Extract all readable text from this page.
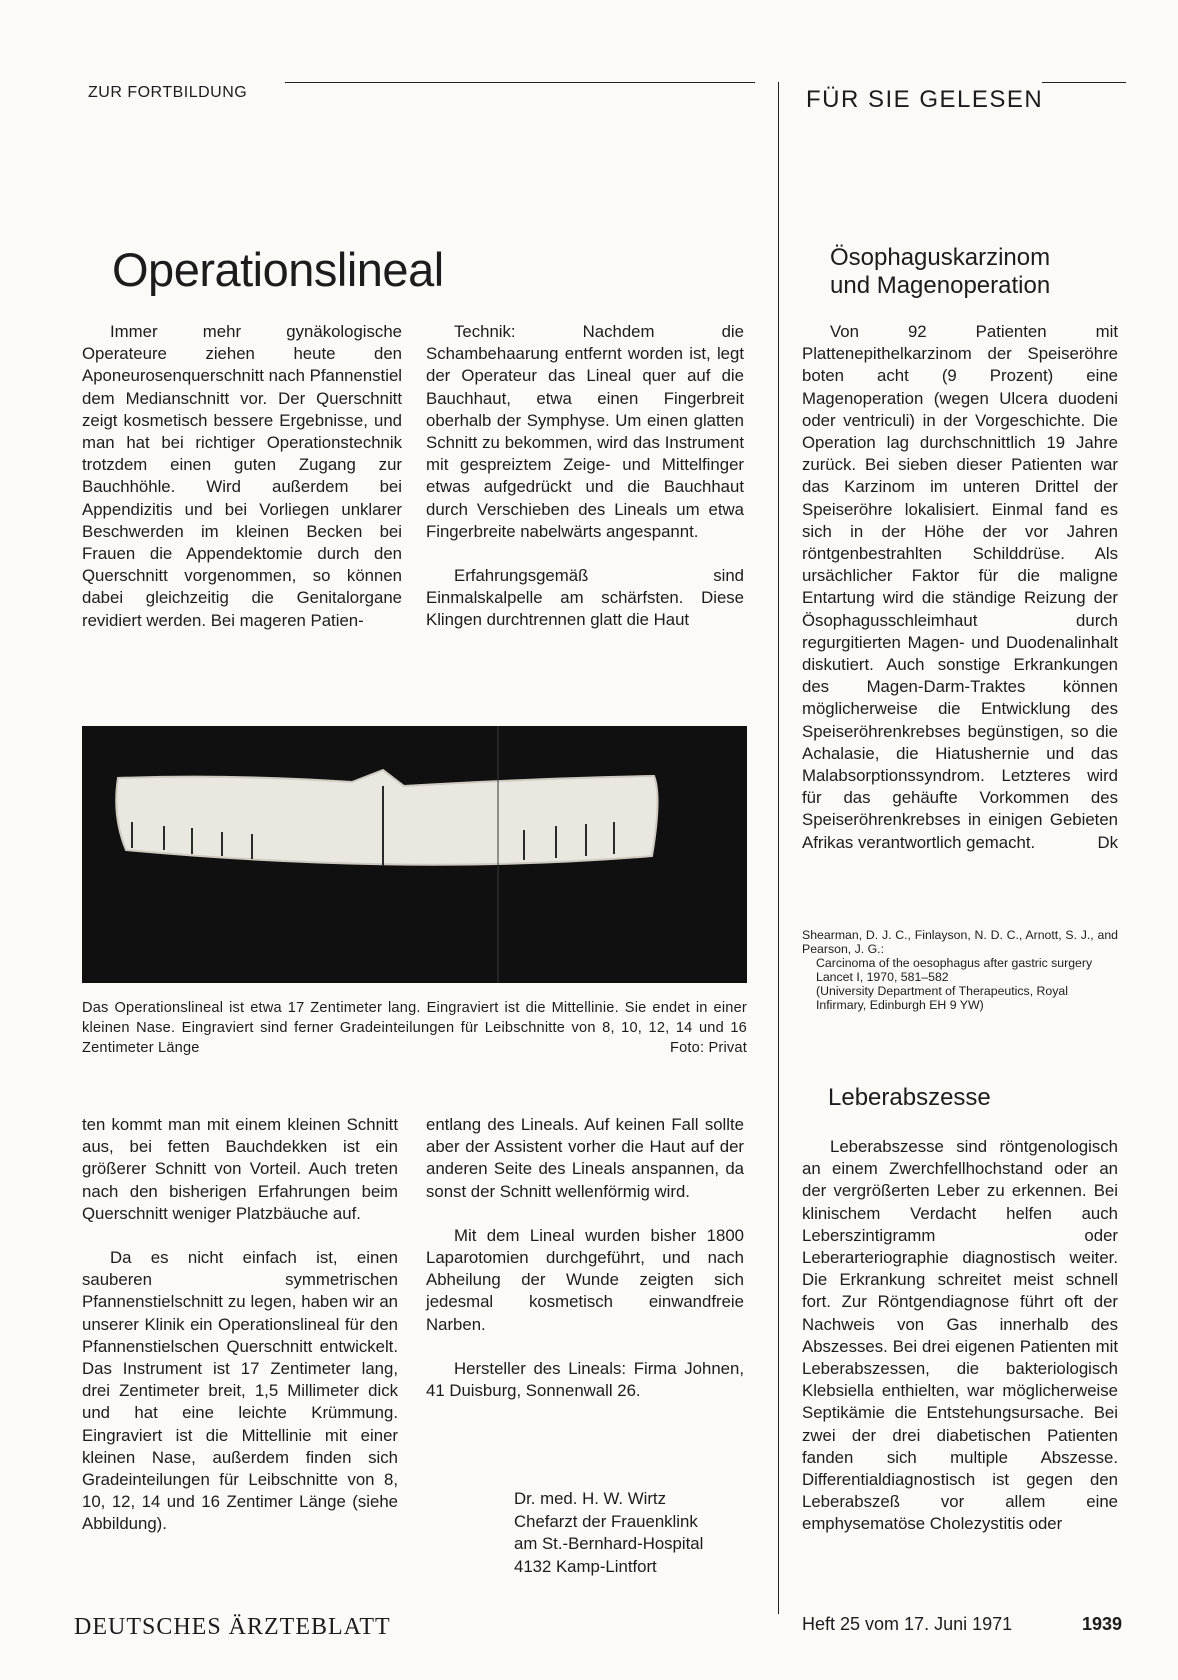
ZUR FORTBILDUNG	FÜR SIE GELESEN
Operationslineal

Immer mehr gynäkologische Operateure ziehen heute den Aponeurosenquerschnitt nach Pfannenstiel dem Medianschnitt vor. Der Querschnitt zeigt kosmetisch bessere Ergebnisse, und man hat bei richtiger Operationstechnik trotzdem einen guten Zugang zur Bauchhöhle. Wird außerdem bei Appendizitis und bei Vorliegen unklarer Beschwerden im kleinen Becken bei Frauen die Appendektomie durch den Querschnitt vorgenommen, so können dabei gleichzeitig die Genitalorgane revidiert werden. Bei mageren Patien-

Technik: Nachdem die Schambehaarung entfernt worden ist, legt der Operateur das Lineal quer auf die Bauchhaut, etwa einen Fingerbreit oberhalb der Symphyse. Um einen glatten Schnitt zu bekommen, wird das Instrument mit gespreiztem Zeige- und Mittelfinger etwas aufgedrückt und die Bauchhaut durch Verschieben des Lineals um etwa Fingerbreite nabelwärts angespannt.

Erfahrungsgemäß sind Einmalskalpelle am schärfsten. Diese Klingen durchtrennen glatt die Haut

Das Operationslineal ist etwa 17 Zentimeter lang. Eingraviert ist die Mittellinie. Sie endet in einer kleinen Nase. Eingraviert sind ferner Gradeinteilungen für Leibschnitte von 8, 10, 12, 14 und 16 Zentimeter Länge	Foto: Privat

ten kommt man mit einem kleinen Schnitt aus, bei fetten Bauchdekken ist ein größerer Schnitt von Vorteil. Auch treten nach den bisherigen Erfahrungen beim Querschnitt weniger Platzbäuche auf.

Da es nicht einfach ist, einen sauberen symmetrischen Pfannenstielschnitt zu legen, haben wir an unserer Klinik ein Operationslineal für den Pfannenstielschen Querschnitt entwickelt. Das Instrument ist 17 Zentimeter lang, drei Zentimeter breit, 1,5 Millimeter dick und hat eine leichte Krümmung. Eingraviert ist die Mittellinie mit einer kleinen Nase, außerdem finden sich Gradeinteilungen für Leibschnitte von 8, 10, 12, 14 und 16 Zentimer Länge (siehe Abbildung).

entlang des Lineals. Auf keinen Fall sollte aber der Assistent vorher die Haut auf der anderen Seite des Lineals anspannen, da sonst der Schnitt wellenförmig wird.

Mit dem Lineal wurden bisher 1800 Laparotomien durchgeführt, und nach Abheilung der Wunde zeigten sich jedesmal kosmetisch einwandfreie Narben.

Hersteller des Lineals: Firma Johnen, 41 Duisburg, Sonnenwall 26.

Dr. med. H. W. Wirtz
Chefarzt der Frauenklink
am St.-Bernhard-Hospital
4132 Kamp-Lintfort
Ösophaguskarzinom
und Magenoperation

Von 92 Patienten mit Plattenepithelkarzinom der Speiseröhre boten acht (9 Prozent) eine Magenoperation (wegen Ulcera duodeni oder ventriculi) in der Vorgeschichte. Die Operation lag durchschnittlich 19 Jahre zurück. Bei sieben dieser Patienten war das Karzinom im unteren Drittel der Speiseröhre lokalisiert. Einmal fand es sich in der Höhe der vor Jahren röntgenbestrahlten Schilddrüse. Als ursächlicher Faktor für die maligne Entartung wird die ständige Reizung der Ösophagusschleimhaut durch regurgitierten Magen- und Duodenalinhalt diskutiert. Auch sonstige Erkrankungen des Magen-Darm-Traktes können möglicherweise die Entwicklung des Speiseröhrenkrebses begünstigen, so die Achalasie, die Hiatushernie und das Malabsorptionssyndrom. Letzteres wird für das gehäufte Vorkommen des Speiseröhrenkrebses in einigen Gebieten Afrikas verantwortlich gemacht.	Dk

Shearman, D. J. C., Finlayson, N. D. C., Arnott, S. J., and Pearson, J. G.:
Carcinoma of the oesophagus after gastric surgery
Lancet I, 1970, 581–582
(University Department of Therapeutics, Royal Infirmary, Edinburgh EH 9 YW)
Leberabszesse

Leberabszesse sind röntgenologisch an einem Zwerchfellhochstand oder an der vergrößerten Leber zu erkennen. Bei klinischem Verdacht helfen auch Leberszintigramm oder Leberarteriographie diagnostisch weiter. Die Erkrankung schreitet meist schnell fort. Zur Röntgendiagnose führt oft der Nachweis von Gas innerhalb des Abszesses. Bei drei eigenen Patienten mit Leberabszessen, die bakteriologisch Klebsiella enthielten, war möglicherweise Septikämie die Entstehungsursache. Bei zwei der drei diabetischen Patienten fanden sich multiple Abszesse. Differentialdiagnostisch ist gegen den Leberabszeß vor allem eine emphysematöse Cholezystitis oder

DEUTSCHES ÄRZTEBLATT	Heft 25 vom 17. Juni 1971	1939
